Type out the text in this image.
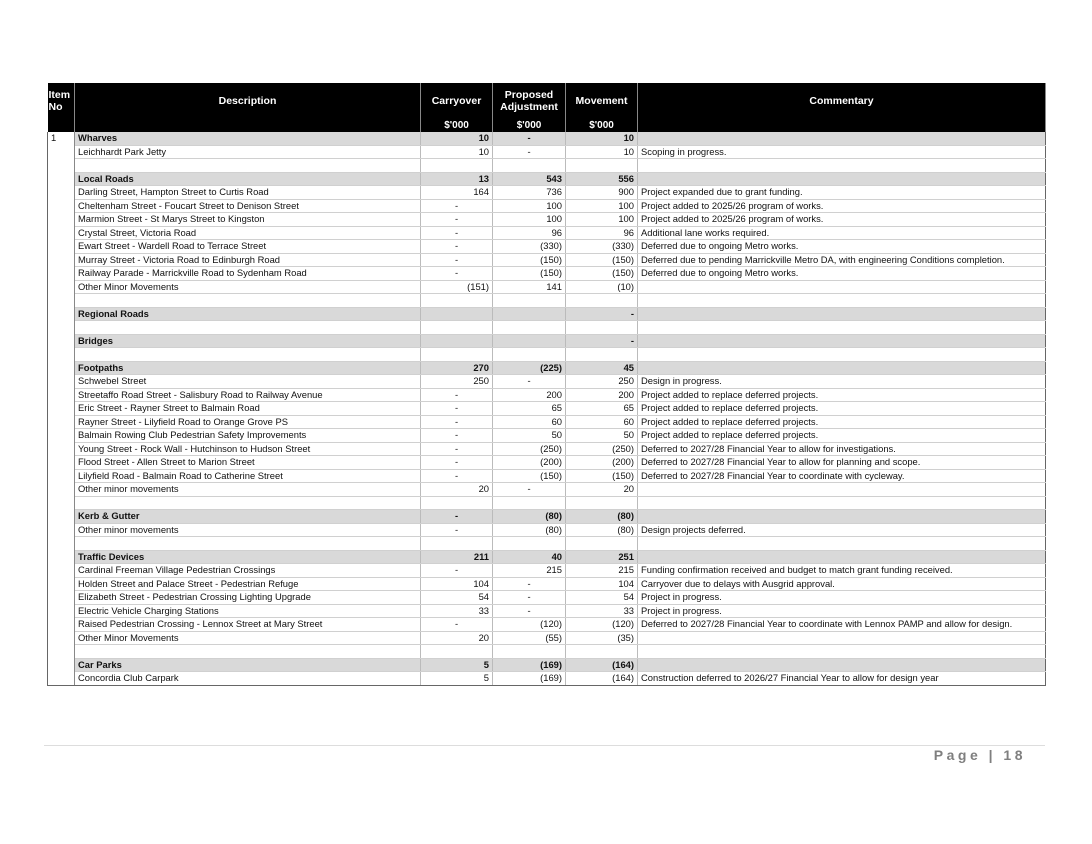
Item No	Description	Carryover	Proposed Adjustment	Movement	Commentary
		$'000	$'000	$'000	
1	Wharves	10	-	10	
	Leichhardt Park Jetty	10	-	10	Scoping in progress.

	Local Roads	13	543	556	
	Darling Street, Hampton Street to Curtis Road	164	736	900	Project expanded due to grant funding.
	Cheltenham Street - Foucart Street to Denison Street	-	100	100	Project added to 2025/26 program of works.
	Marmion Street - St Marys Street to Kingston	-	100	100	Project added to 2025/26 program of works.
	Crystal Street, Victoria Road	-	96	96	Additional lane works required.
	Ewart Street - Wardell Road to Terrace Street	-	(330)	(330)	Deferred due to ongoing Metro works.
	Murray Street - Victoria Road to Edinburgh Road	-	(150)	(150)	Deferred due to pending Marrickville Metro DA, with engineering Conditions completion.
	Railway Parade - Marrickville Road to Sydenham Road	-	(150)	(150)	Deferred due to ongoing Metro works.
	Other Minor Movements	(151)	141	(10)	

	Regional Roads			-	

	Bridges			-	

	Footpaths	270	(225)	45	
	Schwebel Street	250	-	250	Design in progress.
	Streetaffo Road Street - Salisbury Road to Railway Avenue	-	200	200	Project added to replace deferred projects.
	Eric Street - Rayner Street to Balmain Road	-	65	65	Project added to replace deferred projects.
	Rayner Street - Lilyfield Road to Orange Grove PS	-	60	60	Project added to replace deferred projects.
	Balmain Rowing Club Pedestrian Safety Improvements	-	50	50	Project added to replace deferred projects.
	Young Street - Rock Wall - Hutchinson to Hudson Street	-	(250)	(250)	Deferred to 2027/28 Financial Year to allow for investigations.
	Flood Street - Allen Street to Marion Street	-	(200)	(200)	Deferred to 2027/28 Financial Year to allow for planning and scope.
	Lilyfield Road - Balmain Road to Catherine Street	-	(150)	(150)	Deferred to 2027/28 Financial Year to coordinate with cycleway.
	Other minor movements	20	-	20	

	Kerb & Gutter	-	(80)	(80)	
	Other minor movements	-	(80)	(80)	Design projects deferred.

	Traffic Devices	211	40	251	
	Cardinal Freeman Village Pedestrian Crossings	-	215	215	Funding confirmation received and budget to match grant funding received.
	Holden Street and Palace Street - Pedestrian Refuge	104	-	104	Carryover due to delays with Ausgrid approval.
	Elizabeth Street - Pedestrian Crossing Lighting Upgrade	54	-	54	Project in progress.
	Electric Vehicle Charging Stations	33	-	33	Project in progress.
	Raised Pedestrian Crossing - Lennox Street at Mary Street	-	(120)	(120)	Deferred to 2027/28 Financial Year to coordinate with Lennox PAMP and allow for design.
	Other Minor Movements	20	(55)	(35)	

	Car Parks	5	(169)	(164)	
	Concordia Club Carpark	5	(169)	(164)	Construction deferred to 2026/27 Financial Year to allow for design year
Page | 18
